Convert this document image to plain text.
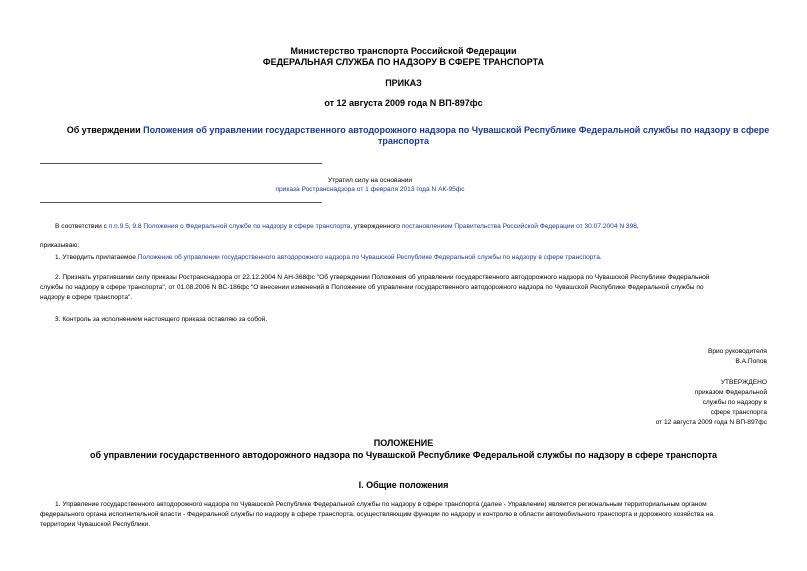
Министерство транспорта Российской Федерации
ФЕДЕРАЛЬНАЯ СЛУЖБА ПО НАДЗОРУ В СФЕРЕ ТРАНСПОРТА
ПРИКАЗ
от 12 августа 2009 года N ВП-897фс
Об утверждении Положения об управлении государственного автодорожного надзора по Чувашской Республике Федеральной службы по надзору в сфере
транспорта
Утратил силу на основании
приказа Ространснадзора от 1 февраля 2013 года N АК-95фс
В соответствии с п.п.9.5, 9.8 Положения о Федеральной службе по надзору в сфере транспорта, утвержденного постановлением Правительства Российской Федерации от 30.07.2004 N 398,
приказываю:
1. Утвердить прилагаемое Положение об управлении государственного автодорожного надзора по Чувашской Республике Федеральной службы по надзору в сфере транспорта.
2. Признать утратившими силу приказы Ространснадзора от 22.12.2004 N АН-368фс "Об утверждении Положения об управлении государственного автодорожного надзора по Чувашской Республике Федеральной
службы по надзору в сфере транспорта", от 01.08.2006 N ВС-186фс "О внесении изменений в Положение об управлении государственного автодорожного надзора по Чувашской Республике Федеральной службы по
надзору в сфере транспорта".
3. Контроль за исполнением настоящего приказа оставляю за собой.
Врио руководителя
В.А.Попов
УТВЕРЖДЕНО
приказом Федеральной
службы по надзору в
сфере транспорта
от 12 августа 2009 года N ВП-897фс
ПОЛОЖЕНИЕ
об управлении государственного автодорожного надзора по Чувашской Республике Федеральной службы по надзору в сфере транспорта
I. Общие положения
1. Управление государственного автодорожного надзора по Чувашской Республике Федеральной службы по надзору в сфере транспорта (далее - Управление) является региональным территориальным органом
федерального органа исполнительной власти - Федеральной службы по надзору в сфере транспорта, осуществляющим функции по надзору и контролю в области автомобильного транспорта и дорожного хозяйства на
территории Чувашской Республики.
